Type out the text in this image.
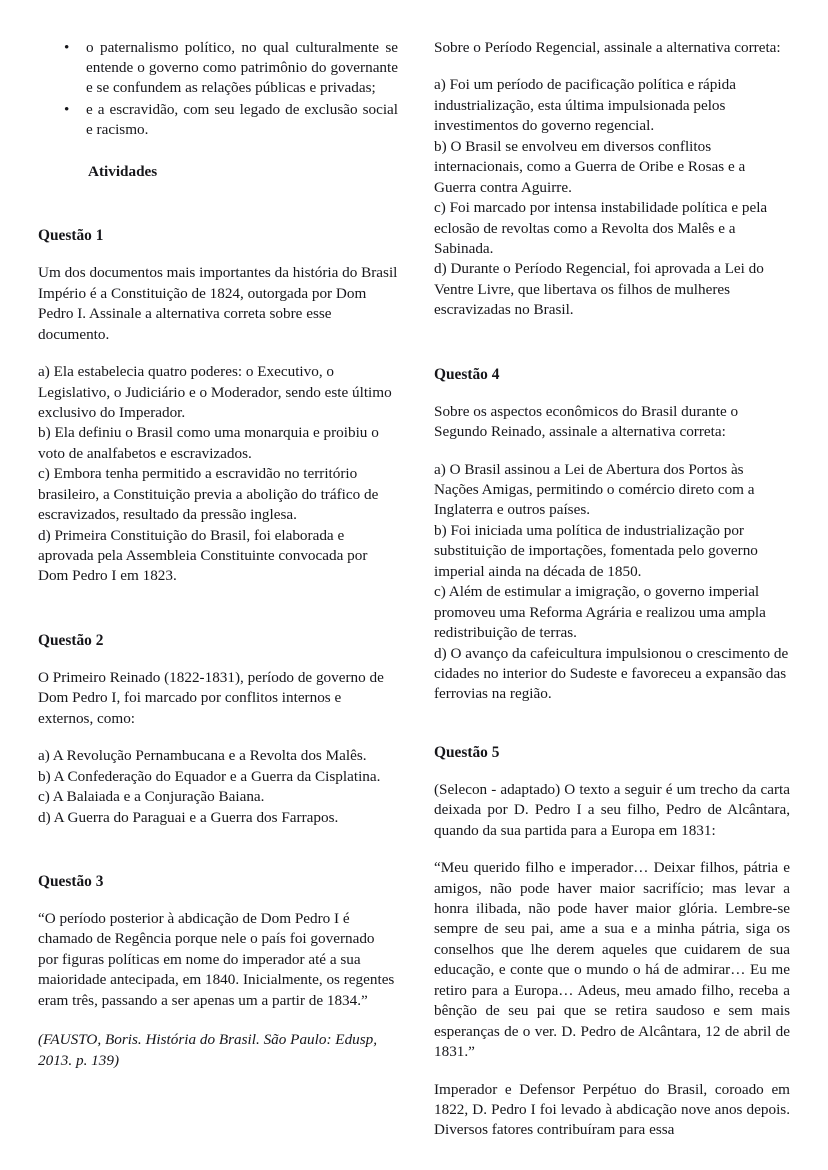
• o paternalismo político, no qual culturalmente se entende o governo como patrimônio do governante e se confundem as relações públicas e privadas;
• e a escravidão, com seu legado de exclusão social e racismo.
Atividades
Questão 1
Um dos documentos mais importantes da história do Brasil Império é a Constituição de 1824, outorgada por Dom Pedro I. Assinale a alternativa correta sobre esse documento.
a) Ela estabelecia quatro poderes: o Executivo, o Legislativo, o Judiciário e o Moderador, sendo este último exclusivo do Imperador.
b) Ela definiu o Brasil como uma monarquia e proibiu o voto de analfabetos e escravizados.
c) Embora tenha permitido a escravidão no território brasileiro, a Constituição previa a abolição do tráfico de escravizados, resultado da pressão inglesa.
d) Primeira Constituição do Brasil, foi elaborada e aprovada pela Assembleia Constituinte convocada por Dom Pedro I em 1823.
Questão 2
O Primeiro Reinado (1822-1831), período de governo de Dom Pedro I, foi marcado por conflitos internos e externos, como:
a) A Revolução Pernambucana e a Revolta dos Malês.
b) A Confederação do Equador e a Guerra da Cisplatina.
c) A Balaiada e a Conjuração Baiana.
d) A Guerra do Paraguai e a Guerra dos Farrapos.
Questão 3
“O período posterior à abdicação de Dom Pedro I é chamado de Regência porque nele o país foi governado por figuras políticas em nome do imperador até a sua maioridade antecipada, em 1840. Inicialmente, os regentes eram três, passando a ser apenas um a partir de 1834.”
(FAUSTO, Boris. História do Brasil. São Paulo: Edusp, 2013. p. 139)
Sobre o Período Regencial, assinale a alternativa correta:
a) Foi um período de pacificação política e rápida industrialização, esta última impulsionada pelos investimentos do governo regencial.
b) O Brasil se envolveu em diversos conflitos internacionais, como a Guerra de Oribe e Rosas e a Guerra contra Aguirre.
c) Foi marcado por intensa instabilidade política e pela eclosão de revoltas como a Revolta dos Malês e a Sabinada.
d) Durante o Período Regencial, foi aprovada a Lei do Ventre Livre, que libertava os filhos de mulheres escravizadas no Brasil.
Questão 4
Sobre os aspectos econômicos do Brasil durante o Segundo Reinado, assinale a alternativa correta:
a) O Brasil assinou a Lei de Abertura dos Portos às Nações Amigas, permitindo o comércio direto com a Inglaterra e outros países.
b) Foi iniciada uma política de industrialização por substituição de importações, fomentada pelo governo imperial ainda na década de 1850.
c) Além de estimular a imigração, o governo imperial promoveu uma Reforma Agrária e realizou uma ampla redistribuição de terras.
d) O avanço da cafeicultura impulsionou o crescimento de cidades no interior do Sudeste e favoreceu a expansão das ferrovias na região.
Questão 5
(Selecon - adaptado) O texto a seguir é um trecho da carta deixada por D. Pedro I a seu filho, Pedro de Alcântara, quando da sua partida para a Europa em 1831:
“Meu querido filho e imperador… Deixar filhos, pátria e amigos, não pode haver maior sacrifício; mas levar a honra ilibada, não pode haver maior glória. Lembre-se sempre de seu pai, ame a sua e a minha pátria, siga os conselhos que lhe derem aqueles que cuidarem de sua educação, e conte que o mundo o há de admirar… Eu me retiro para a Europa… Adeus, meu amado filho, receba a bênção de seu pai que se retira saudoso e sem mais esperanças de o ver. D. Pedro de Alcântara, 12 de abril de 1831.”
Imperador e Defensor Perpétuo do Brasil, coroado em 1822, D. Pedro I foi levado à abdicação nove anos depois. Diversos fatores contribuíram para essa
